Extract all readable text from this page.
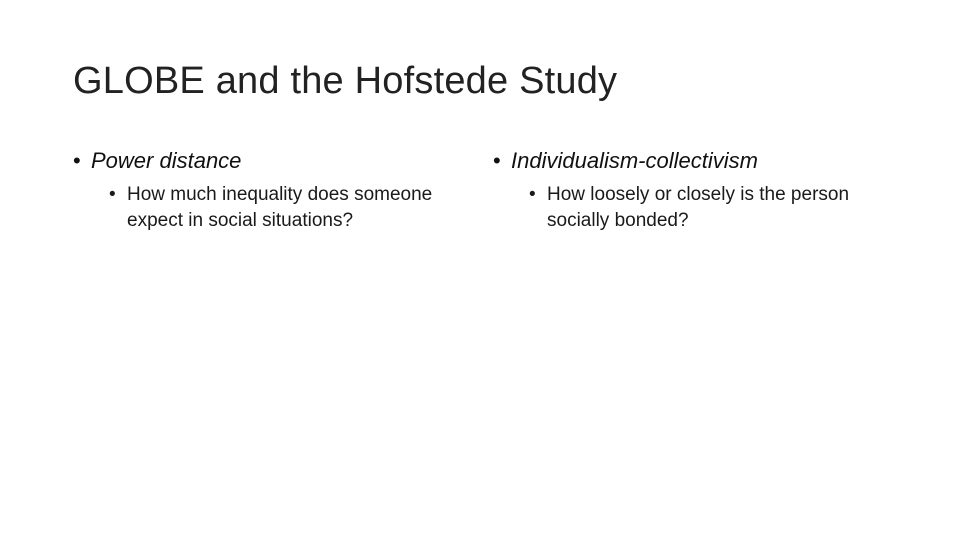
GLOBE and the Hofstede Study
• Power distance
• How much inequality does someone expect in social situations?
• Individualism-collectivism
• How loosely or closely is the person socially bonded?
